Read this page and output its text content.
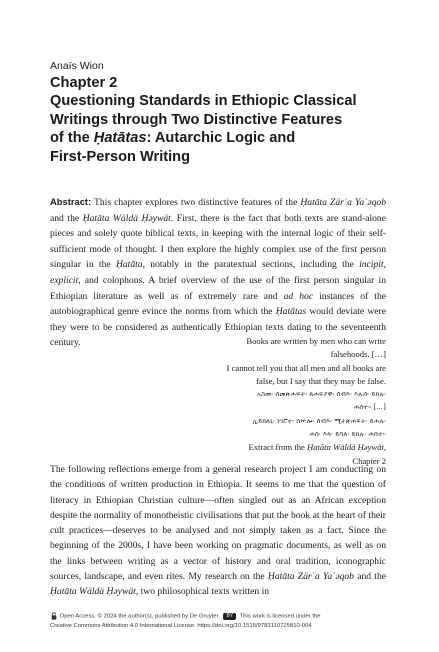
Anaïs Wion

Chapter 2
Questioning Standards in Ethiopic Classical
Writings through Two Distinctive Features
of the Ḥatātas: Autarchic Logic and
First-Person Writing

Abstract: This chapter explores two distinctive features of the Ḥatāta Zärʾa Yaʿəqob and the Ḥatāta Wäldä Ḥəywät. First, there is the fact that both texts are stand-alone pieces and solely quote biblical texts, in keeping with the internal logic of their self-sufficient mode of thought. I then explore the highly complex use of the first person singular in the Ḥatāta, notably in the paratextual sections, including the incipit, explicit, and colophons. A brief overview of the use of the first person singular in Ethiopian literature as well as of extremely rare and ad hoc instances of the autobiographical genre evince the norms from which the Ḥatātas would deviate were they were to be considered as authentically Ethiopian texts dating to the seventeenth century.	Books are written by men who can write
falsehoods. […]
I cannot tell you that all men and all books are
false, but I say that they may be false.
አስመ፡ ሰመጽሐፍት፡ ጸሐፍያዋ፡ ሰብእ፡ እሉሰ፡ ይክሉ፡
ሐሰተ። […]
ኢይክለኒ፡ ነገሮተ፡ ሰኵሎ፡ ሰብእ፡ ሚትጽሐፍት፡ ይሐሉ፡
ሐሰ፡ እላ፡ ይባለ፡ ይክሉ፡ ሐሰተ።
Extract from the Ḥatāta Wäldä Ḥəywät,
Chapter 2

The following reflections emerge from a general research project I am conducting on the conditions of written production in Ethiopia. It seems to me that the question of literacy in Ethiopian Christian culture—often singled out as an African exception despite the normality of monotheistic civilisations that put the book at the heart of their cult practices—deserves to be analysed and not simply taken as a fact. Since the beginning of the 2000s, I have been working on pragmatic documents, as well as on the links between writing as a vector of history and oral tradition, iconographic sources, landscape, and even rites. My research on the Ḥatāta Zärʾa Yaʿəqob and the Ḥatāta Wäldä Ḥəywät, two philosophical texts written in

Open Access. © 2024 the author(s), published by De Gruyter. BY This work is licensed under the
Creative Commons Attribution 4.0 International License. https://doi.org/10.1515/9783110725810-004
